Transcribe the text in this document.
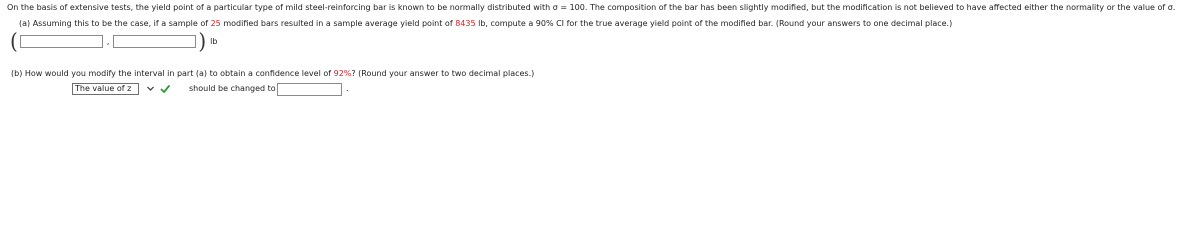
On the basis of extensive tests, the yield point of a particular type of mild steel-reinforcing bar is known to be normally distributed with σ = 100. The composition of the bar has been slightly modified, but the modification is not believed to have affected either the normality or the value of σ.
(a) Assuming this to be the case, if a sample of 25 modified bars resulted in a sample average yield point of 8435 lb, compute a 90% CI for the true average yield point of the modified bar. (Round your answers to one decimal place.)
(	,	) lb
(b) How would you modify the interval in part (a) to obtain a confidence level of 92%? (Round your answer to two decimal places.)
The value of z	should be changed to	.
